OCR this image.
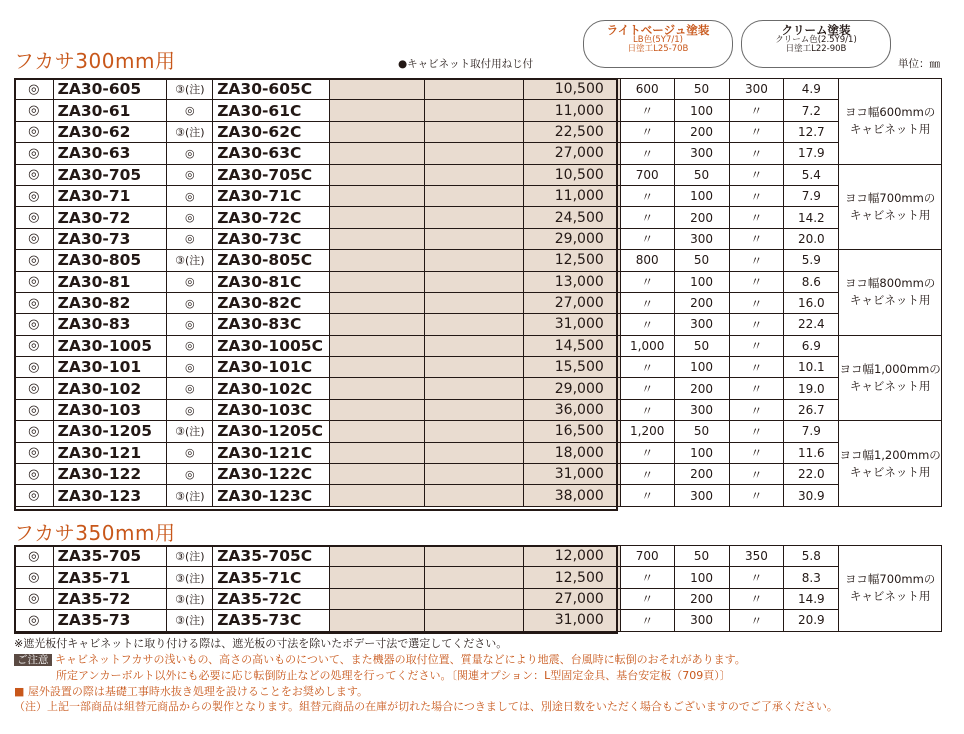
フカサ300mm用
フカサ350mm用
ライトベージュ塗装
LB色(5Y7/1)
日塗工L25-70B
クリーム塗装
クリーム色(2.5Y9/1)
日塗工L22-90B
●キャビネット取付用ねじ付	単位：㎜
◎	ZA30-605	③(注)	ZA30-605C			10,500	600	50	300	4.9	ヨコ幅600mmの キャビネット用
◎	ZA30-61	◎	ZA30-61C			11,000	〃	100	〃	7.2	
◎	ZA30-62	③(注)	ZA30-62C			22,500	〃	200	〃	12.7	
◎	ZA30-63	◎	ZA30-63C			27,000	〃	300	〃	17.9	
◎	ZA30-705	◎	ZA30-705C			10,500	700	50	〃	5.4	ヨコ幅700mmの キャビネット用
◎	ZA30-71	◎	ZA30-71C			11,000	〃	100	〃	7.9	
◎	ZA30-72	◎	ZA30-72C			24,500	〃	200	〃	14.2	
◎	ZA30-73	◎	ZA30-73C			29,000	〃	300	〃	20.0	
◎	ZA30-805	③(注)	ZA30-805C			12,500	800	50	〃	5.9	ヨコ幅800mmの キャビネット用
◎	ZA30-81	◎	ZA30-81C			13,000	〃	100	〃	8.6	
◎	ZA30-82	◎	ZA30-82C			27,000	〃	200	〃	16.0	
◎	ZA30-83	◎	ZA30-83C			31,000	〃	300	〃	22.4	
◎	ZA30-1005	◎	ZA30-1005C			14,500	1,000	50	〃	6.9	ヨコ幅1,000mmの キャビネット用
◎	ZA30-101	◎	ZA30-101C			15,500	〃	100	〃	10.1	
◎	ZA30-102	◎	ZA30-102C			29,000	〃	200	〃	19.0	
◎	ZA30-103	◎	ZA30-103C			36,000	〃	300	〃	26.7	
◎	ZA30-1205	③(注)	ZA30-1205C			16,500	1,200	50	〃	7.9	ヨコ幅1,200mmの キャビネット用
◎	ZA30-121	◎	ZA30-121C			18,000	〃	100	〃	11.6	
◎	ZA30-122	◎	ZA30-122C			31,000	〃	200	〃	22.0	
◎	ZA30-123	③(注)	ZA30-123C			38,000	〃	300	〃	30.9	
◎	ZA35-705	③(注)	ZA35-705C			12,000	700	50	350	5.8	ヨコ幅700mmの キャビネット用
◎	ZA35-71	③(注)	ZA35-71C			12,500	〃	100	〃	8.3	
◎	ZA35-72	③(注)	ZA35-72C			27,000	〃	200	〃	14.9	
◎	ZA35-73	③(注)	ZA35-73C			31,000	〃	300	〃	20.9	
※遮光板付キャビネットに取り付ける際は、遮光板の寸法を除いたボデー寸法で選定してください。
ご注意 キャビネットフカサの浅いもの、高さの高いものについて、また機器の取付位置、質量などにより地震、台風時に転倒のおそれがあります。
所定アンカーボルト以外にも必要に応じ転倒防止などの処理を行ってください。〔関連オプション：L型固定金具、基台安定板（709頁）〕
■ 屋外設置の際は基礎工事時水抜き処理を設けることをお奨めします。
（注）上記一部商品は組替元商品からの製作となります。組替元商品の在庫が切れた場合につきましては、別途日数をいただく場合もございますのでご了承ください。
